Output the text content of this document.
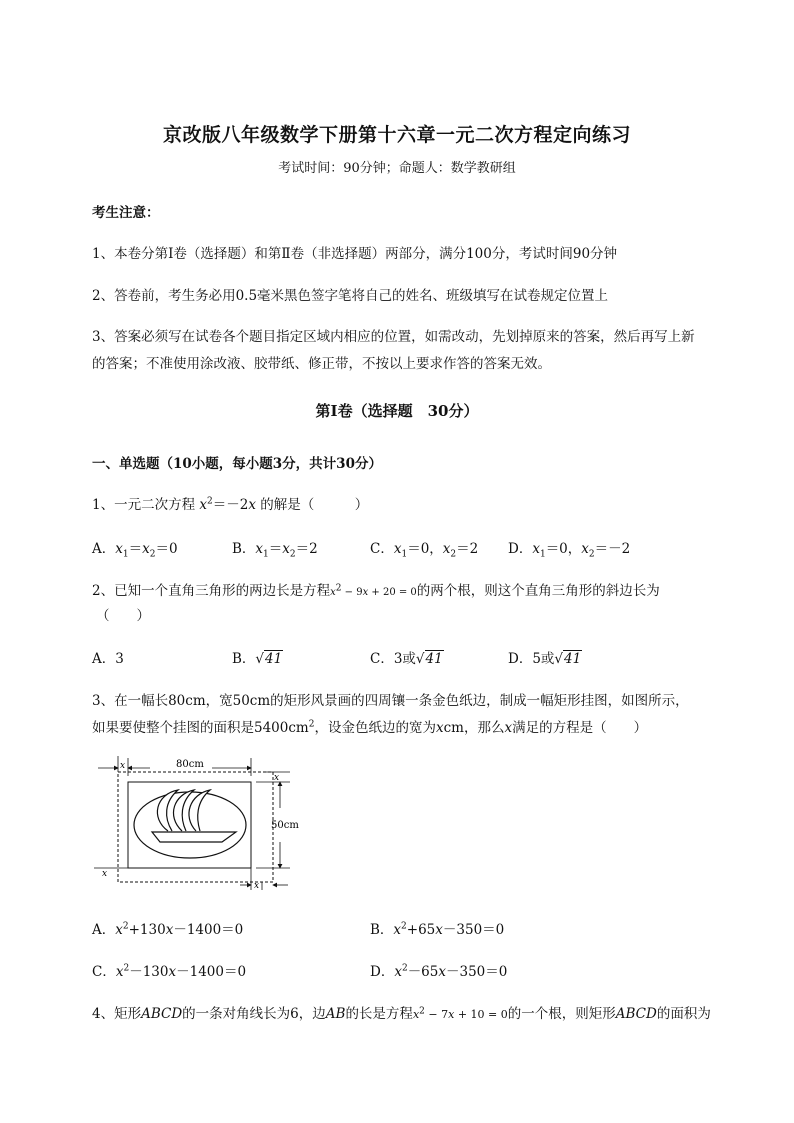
京改版八年级数学下册第十六章一元二次方程定向练习
考试时间：90分钟；命题人：数学教研组
考生注意：
1、本卷分第I卷（选择题）和第Ⅱ卷（非选择题）两部分，满分100分，考试时间90分钟
2、答卷前，考生务必用0.5毫米黑色签字笔将自己的姓名、班级填写在试卷规定位置上
3、答案必须写在试卷各个题目指定区域内相应的位置，如需改动，先划掉原来的答案，然后再写上新
的答案；不准使用涂改液、胶带纸、修正带，不按以上要求作答的答案无效。
第I卷（选择题　30分）
一、单选题（10小题，每小题3分，共计30分）
1、一元二次方程 $x^2=-2x$ 的解是（　　　）
A．$x_1=x_2=0$	B．$x_1=x_2=2$	C．$x_1=0$，$x_2=2$ D．$x_1=0$，$x_2=-2$
2、已知一个直角三角形的两边长是方程$x^2 - 9x + 20 = 0$的两个根，则这个直角三角形的斜边长为
（　　）
A．3	B．√41	C．3或√41	D．5或√41
3、在一幅长80cm，宽50cm的矩形风景画的四周镶一条金色纸边，制成一幅矩形挂图，如图所示，
如果要使整个挂图的面积是$5400cm^2$，设金色纸边的宽为xcm，那么x满足的方程是（　　）
80cm
x
50cm
x
x
x
A．$x^2+130x-1400=0$	B．$x^2+65x-350=0$
C．$x^2-130x-1400=0$	D．$x^2-65x-350=0$
4、矩形ABCD的一条对角线长为6，边AB的长是方程$x^2 - 7x + 10 = 0$的一个根，则矩形ABCD的面积为
